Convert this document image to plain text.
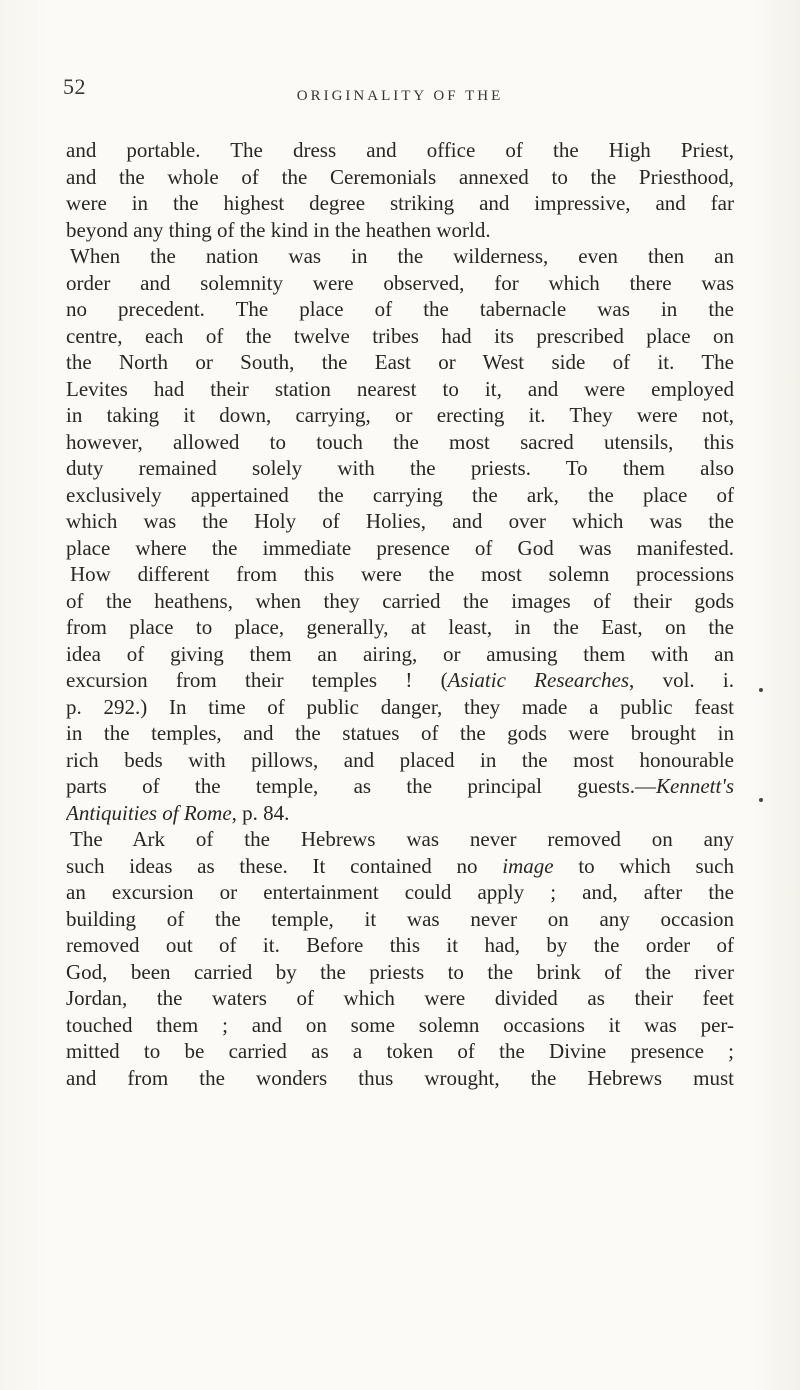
52	ORIGINALITY OF THE
and portable. The dress and office of the High Priest,
and the whole of the Ceremonials annexed to the Priesthood,
were in the highest degree striking and impressive, and far
beyond any thing of the kind in the heathen world.
When the nation was in the wilderness, even then an
order and solemnity were observed, for which there was
no precedent. The place of the tabernacle was in the
centre, each of the twelve tribes had its prescribed place on
the North or South, the East or West side of it. The
Levites had their station nearest to it, and were employed
in taking it down, carrying, or erecting it. They were not,
however, allowed to touch the most sacred utensils, this
duty remained solely with the priests. To them also
exclusively appertained the carrying the ark, the place of
which was the Holy of Holies, and over which was the
place where the immediate presence of God was manifested.
How different from this were the most solemn processions
of the heathens, when they carried the images of their gods
from place to place, generally, at least, in the East, on the
idea of giving them an airing, or amusing them with an
excursion from their temples ! (Asiatic Researches, vol. i.
p. 292.) In time of public danger, they made a public feast
in the temples, and the statues of the gods were brought in
rich beds with pillows, and placed in the most honourable
parts of the temple, as the principal guests.—Kennett's
Antiquities of Rome, p. 84.
The Ark of the Hebrews was never removed on any
such ideas as these. It contained no image to which such
an excursion or entertainment could apply ; and, after the
building of the temple, it was never on any occasion
removed out of it. Before this it had, by the order of
God, been carried by the priests to the brink of the river
Jordan, the waters of which were divided as their feet
touched them ; and on some solemn occasions it was per-
mitted to be carried as a token of the Divine presence ;
and from the wonders thus wrought, the Hebrews must
